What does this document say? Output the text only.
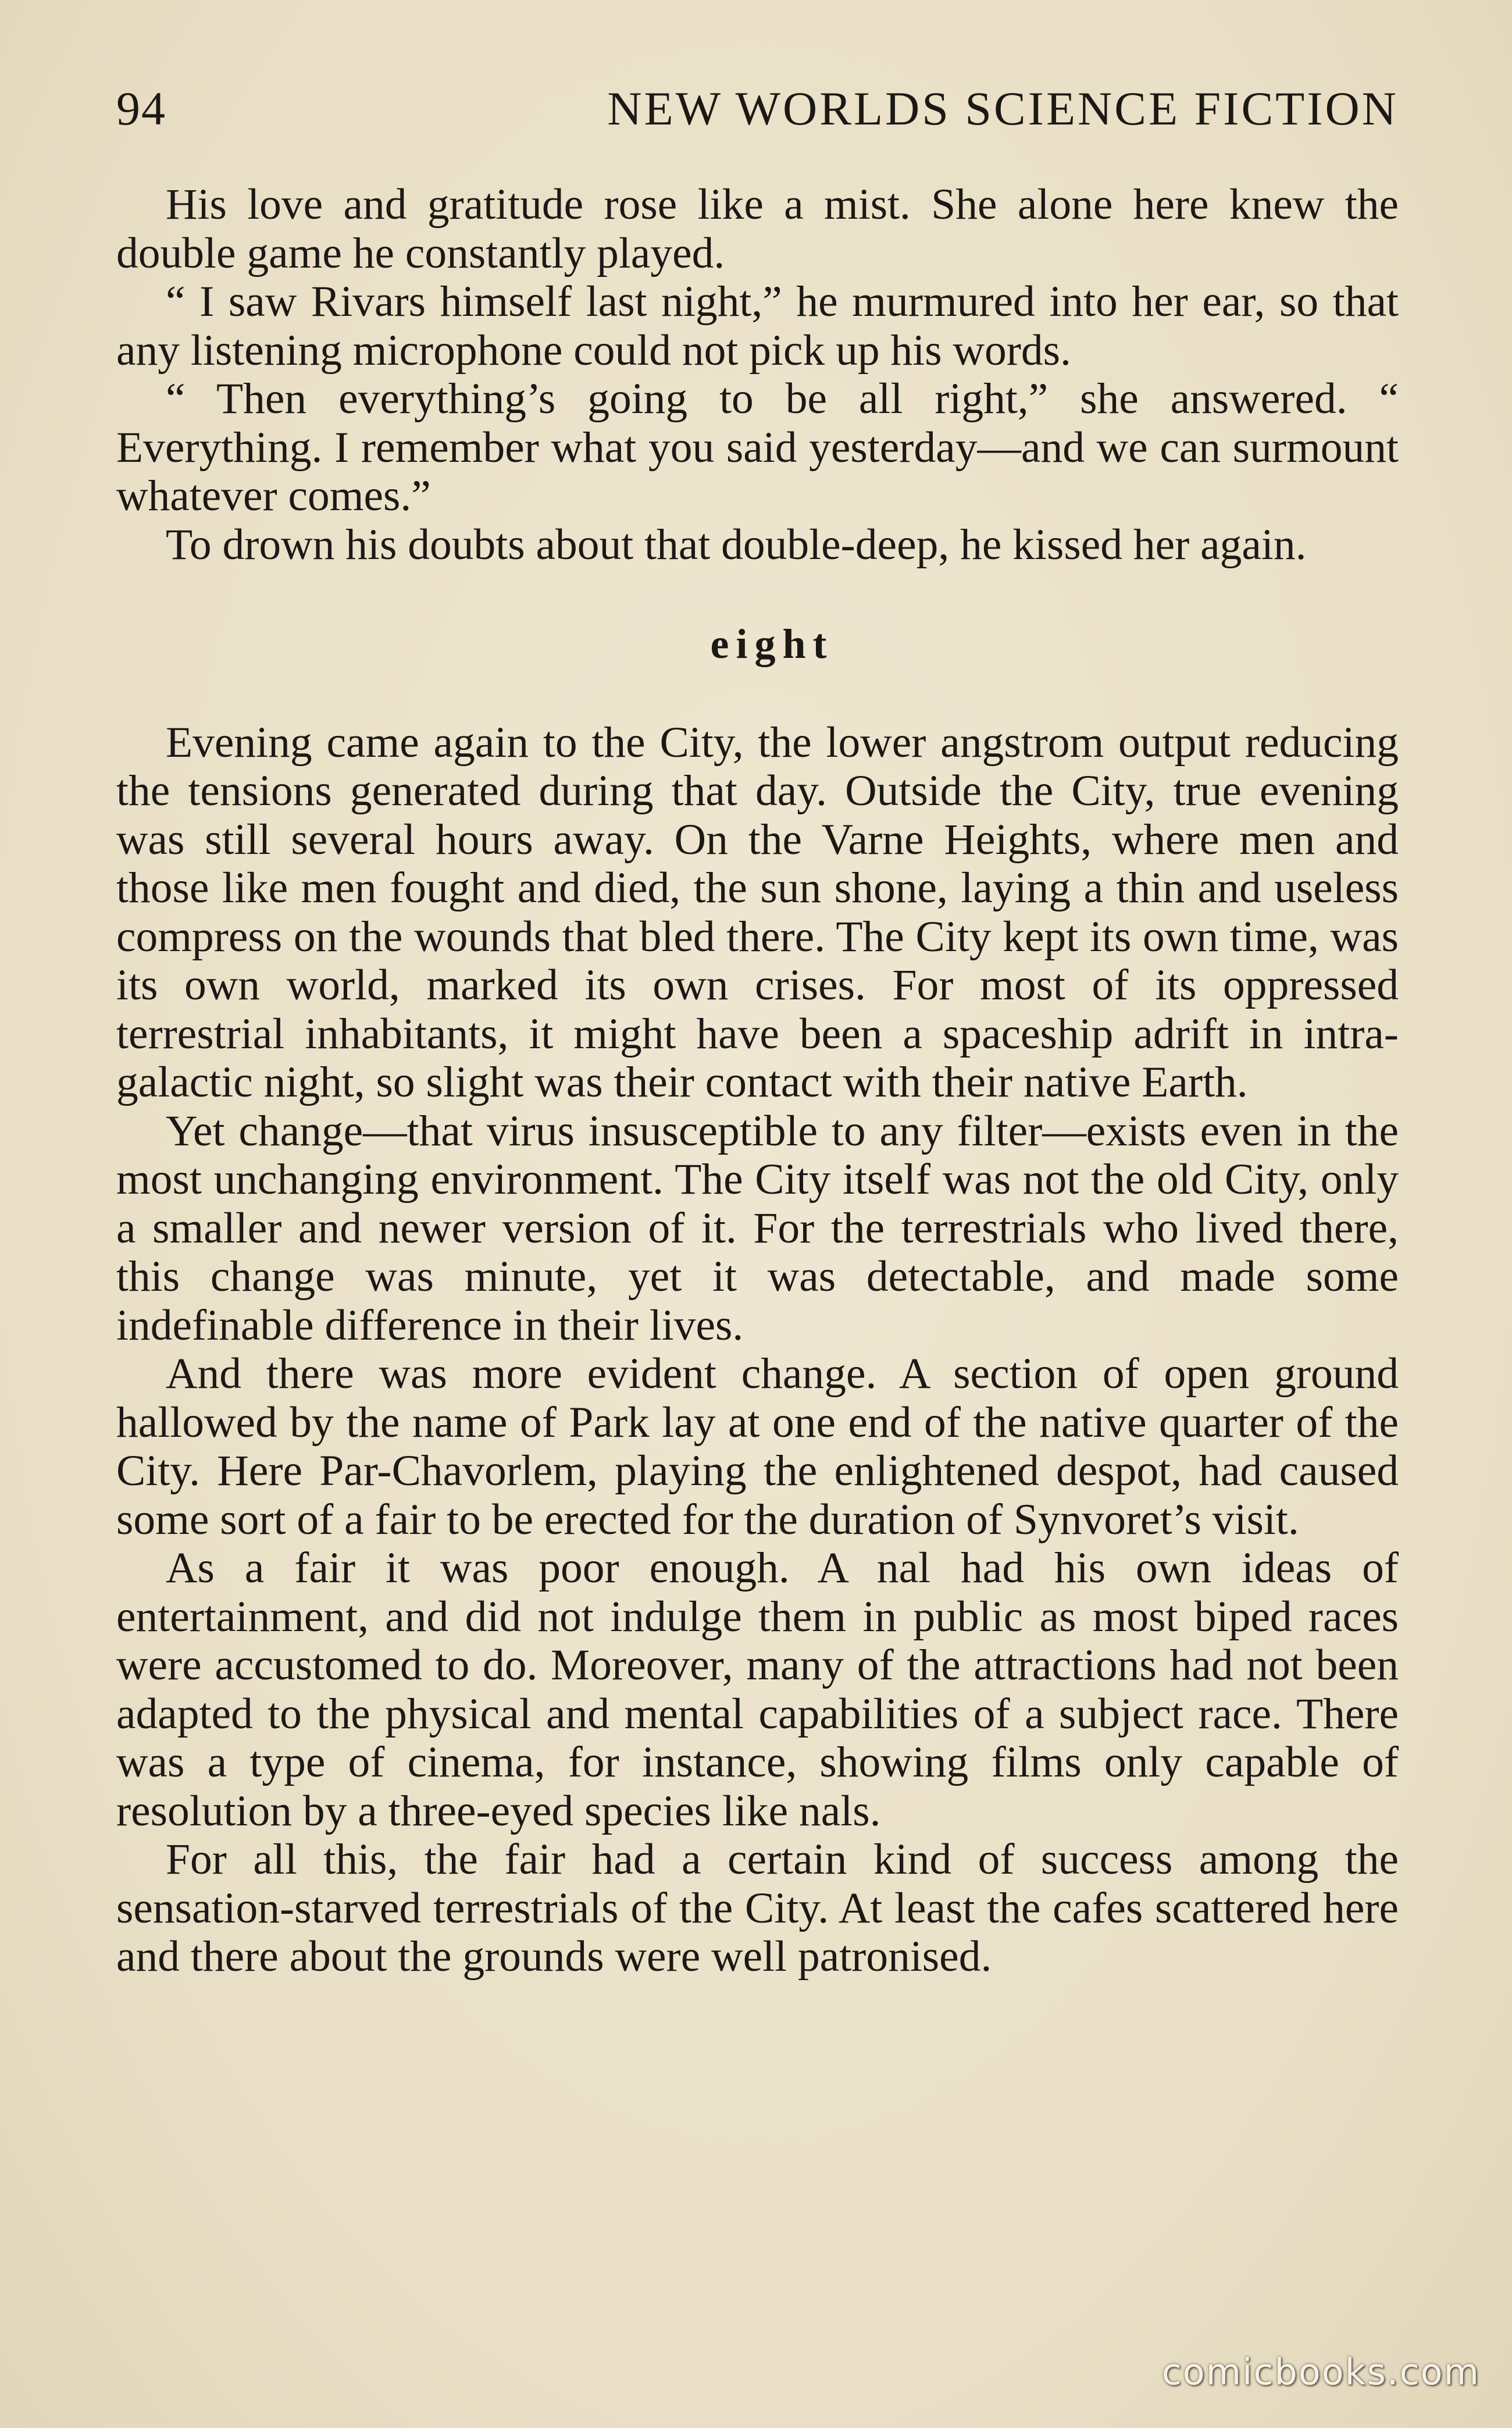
94	NEW WORLDS SCIENCE FICTION

His love and gratitude rose like a mist. She alone here knew the double game he constantly played.

“ I saw Rivars himself last night,” he murmured into her ear, so that any listening microphone could not pick up his words.

“ Then everything’s going to be all right,” she answered. “ Everything. I remember what you said yesterday—and we can surmount whatever comes.”

To drown his doubts about that double-deep, he kissed her again.

eight

Evening came again to the City, the lower angstrom output reducing the tensions generated during that day. Outside the City, true evening was still several hours away. On the Varne Heights, where men and those like men fought and died, the sun shone, laying a thin and useless compress on the wounds that bled there. The City kept its own time, was its own world, marked its own crises. For most of its oppressed terrestrial inhabitants, it might have been a spaceship adrift in intra-galactic night, so slight was their contact with their native Earth.

Yet change—that virus insusceptible to any filter—exists even in the most unchanging environment. The City itself was not the old City, only a smaller and newer version of it. For the terrestrials who lived there, this change was minute, yet it was detectable, and made some indefinable difference in their lives.

And there was more evident change. A section of open ground hallowed by the name of Park lay at one end of the native quarter of the City. Here Par-Chavorlem, playing the enlightened despot, had caused some sort of a fair to be erected for the duration of Synvoret’s visit.

As a fair it was poor enough. A nal had his own ideas of entertainment, and did not indulge them in public as most biped races were accustomed to do. Moreover, many of the attractions had not been adapted to the physical and mental capabilities of a subject race. There was a type of cinema, for instance, showing films only capable of resolution by a three-eyed species like nals.

For all this, the fair had a certain kind of success among the sensation-starved terrestrials of the City. At least the cafes scattered here and there about the grounds were well patronised.

comicbooks.com
